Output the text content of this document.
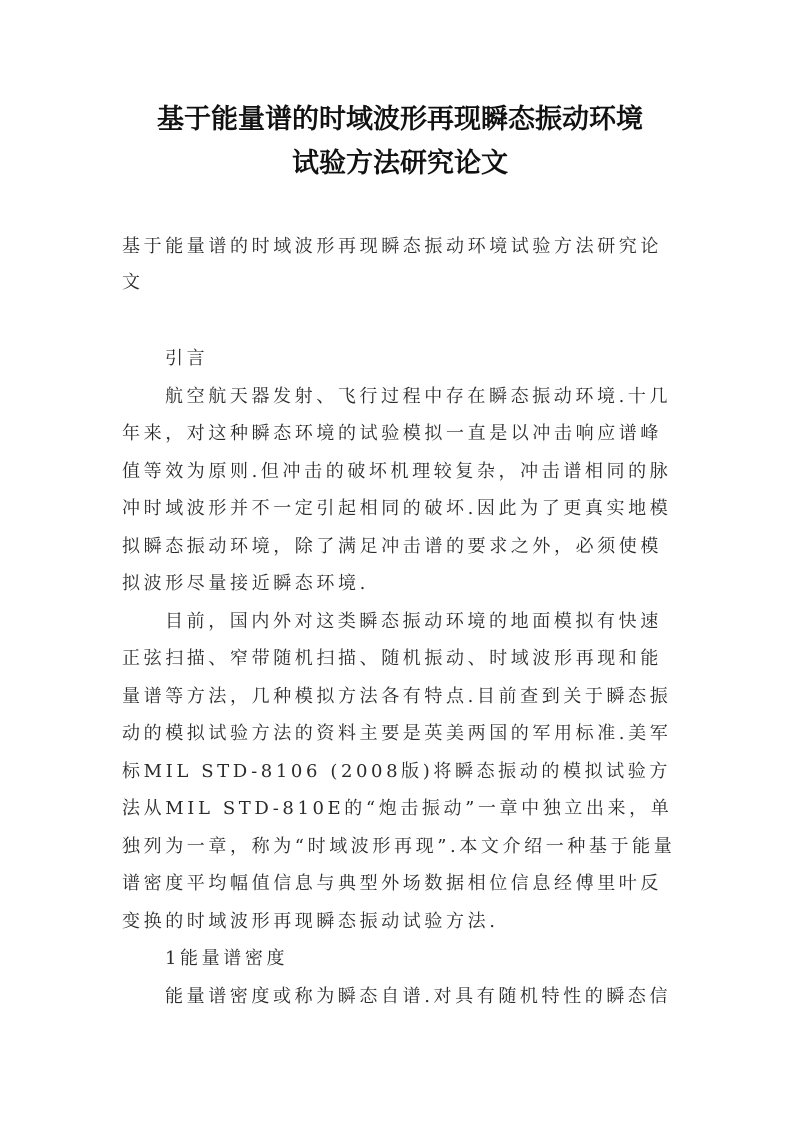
基于能量谱的时域波形再现瞬态振动环境
试验方法研究论文

基于能量谱的时域波形再现瞬态振动环境试验方法研究论文

引言

航空航天器发射、飞行过程中存在瞬态振动环境.十几年来，对这种瞬态环境的试验模拟一直是以冲击响应谱峰值等效为原则.但冲击的破坏机理较复杂，冲击谱相同的脉冲时域波形并不一定引起相同的破坏.因此为了更真实地模拟瞬态振动环境，除了满足冲击谱的要求之外，必须使模拟波形尽量接近瞬态环境.

目前，国内外对这类瞬态振动环境的地面模拟有快速正弦扫描、窄带随机扫描、随机振动、时域波形再现和能量谱等方法，几种模拟方法各有特点.目前查到关于瞬态振动的模拟试验方法的资料主要是英美两国的军用标准.美军标MIL STD-8106 (2008版)将瞬态振动的模拟试验方法从MIL STD-810E的“炮击振动”一章中独立出来，单独列为一章，称为“时域波形再现”.本文介绍一种基于能量谱密度平均幅值信息与典型外场数据相位信息经傅里叶反变换的时域波形再现瞬态振动试验方法.

1能量谱密度

能量谱密度或称为瞬态自谱.对具有随机特性的瞬态信
